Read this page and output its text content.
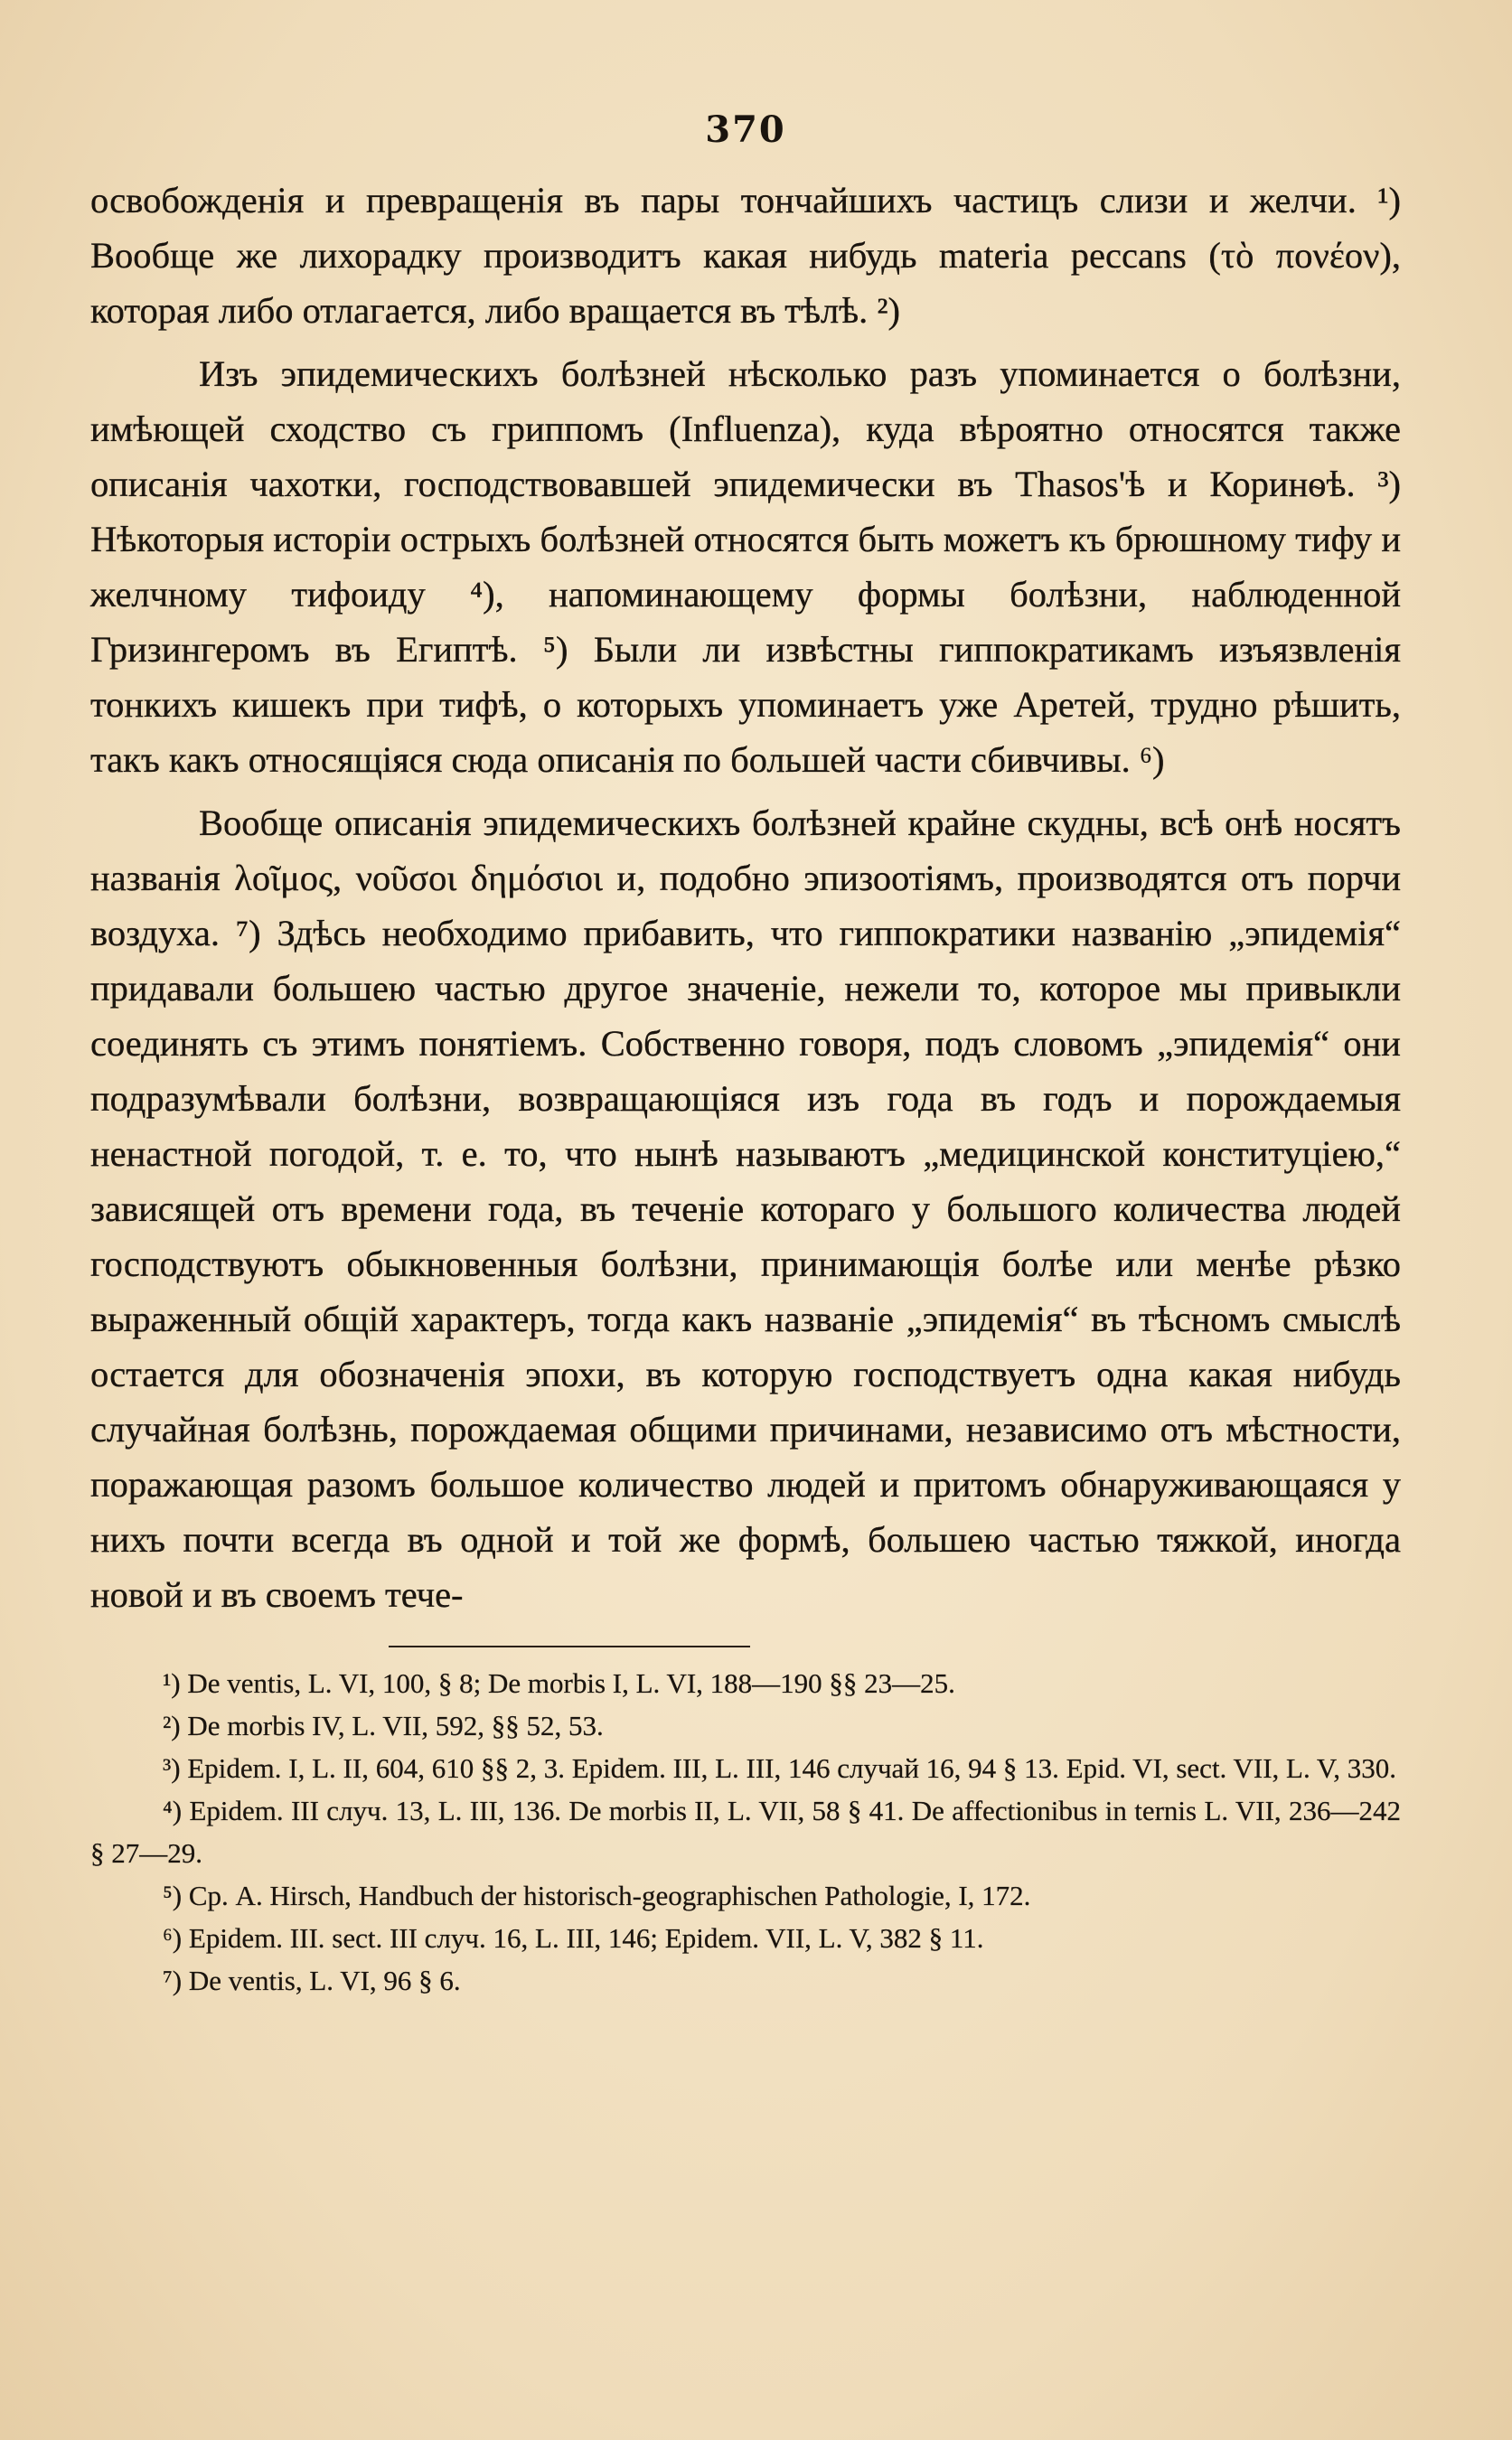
370

освобожденія и превращенія въ пары тончайшихъ частицъ слизи и желчи. ¹) Вообще же лихорадку производитъ какая нибудь materia peccans (τὸ πονέον), которая либо отлагается, либо вращается въ тѣлѣ. ²)

Изъ эпидемическихъ болѣзней нѣсколько разъ упоминается о болѣзни, имѣющей сходство съ гриппомъ (Influenza), куда вѣроятно относятся также описанія чахотки, господствовавшей эпидемически въ Thasos'ѣ и Коринѳѣ. ³) Нѣкоторыя исторіи острыхъ болѣзней относятся быть можетъ къ брюшному тифу и желчному тифоиду ⁴), напоминающему формы болѣзни, наблюденной Гризингеромъ въ Египтѣ. ⁵) Были ли извѣстны гиппократикамъ изъязвленія тонкихъ кишекъ при тифѣ, о которыхъ упоминаетъ уже Аретей, трудно рѣшить, такъ какъ относящіяся сюда описанія по большей части сбивчивы. ⁶)

Вообще описанія эпидемическихъ болѣзней крайне скудны, всѣ онѣ носятъ названія λοῖμος, νοῦσοι δημόσιοι и, подобно эпизоотіямъ, производятся отъ порчи воздуха. ⁷) Здѣсь необходимо прибавить, что гиппократики названію „эпидемія“ придавали большею частью другое значеніе, нежели то, которое мы привыкли соединять съ этимъ понятіемъ. Собственно говоря, подъ словомъ „эпидемія“ они подразумѣвали болѣзни, возвращающіяся изъ года въ годъ и порождаемыя ненастной погодой, т. е. то, что нынѣ называютъ „медицинской конституціею,“ зависящей отъ времени года, въ теченіе котораго у большого количества людей господствуютъ обыкновенныя болѣзни, принимающія болѣе или менѣе рѣзко выраженный общій характеръ, тогда какъ названіе „эпидемія“ въ тѣсномъ смыслѣ остается для обозначенія эпохи, въ которую господствуетъ одна какая нибудь случайная болѣзнь, порождаемая общими причинами, независимо отъ мѣстности, поражающая разомъ большое количество людей и притомъ обнаруживающаяся у нихъ почти всегда въ одной и той же формѣ, большею частью тяжкой, иногда новой и въ своемъ тече-

¹) De ventis, L. VI, 100, § 8; De morbis I, L. VI, 188—190 §§ 23—25.

²) De morbis IV, L. VII, 592, §§ 52, 53.

³) Epidem. I, L. II, 604, 610 §§ 2, 3. Epidem. III, L. III, 146 случай 16, 94 § 13. Epid. VI, sect. VII, L. V, 330.

⁴) Epidem. III случ. 13, L. III, 136. De morbis II, L. VII, 58 § 41. De affectionibus in ternis L. VII, 236—242 § 27—29.

⁵) Ср. A. Hirsch, Handbuch der historisch-geographischen Pathologie, I, 172.

⁶) Epidem. III. sect. III случ. 16, L. III, 146; Epidem. VII, L. V, 382 § 11.

⁷) De ventis, L. VI, 96 § 6.
